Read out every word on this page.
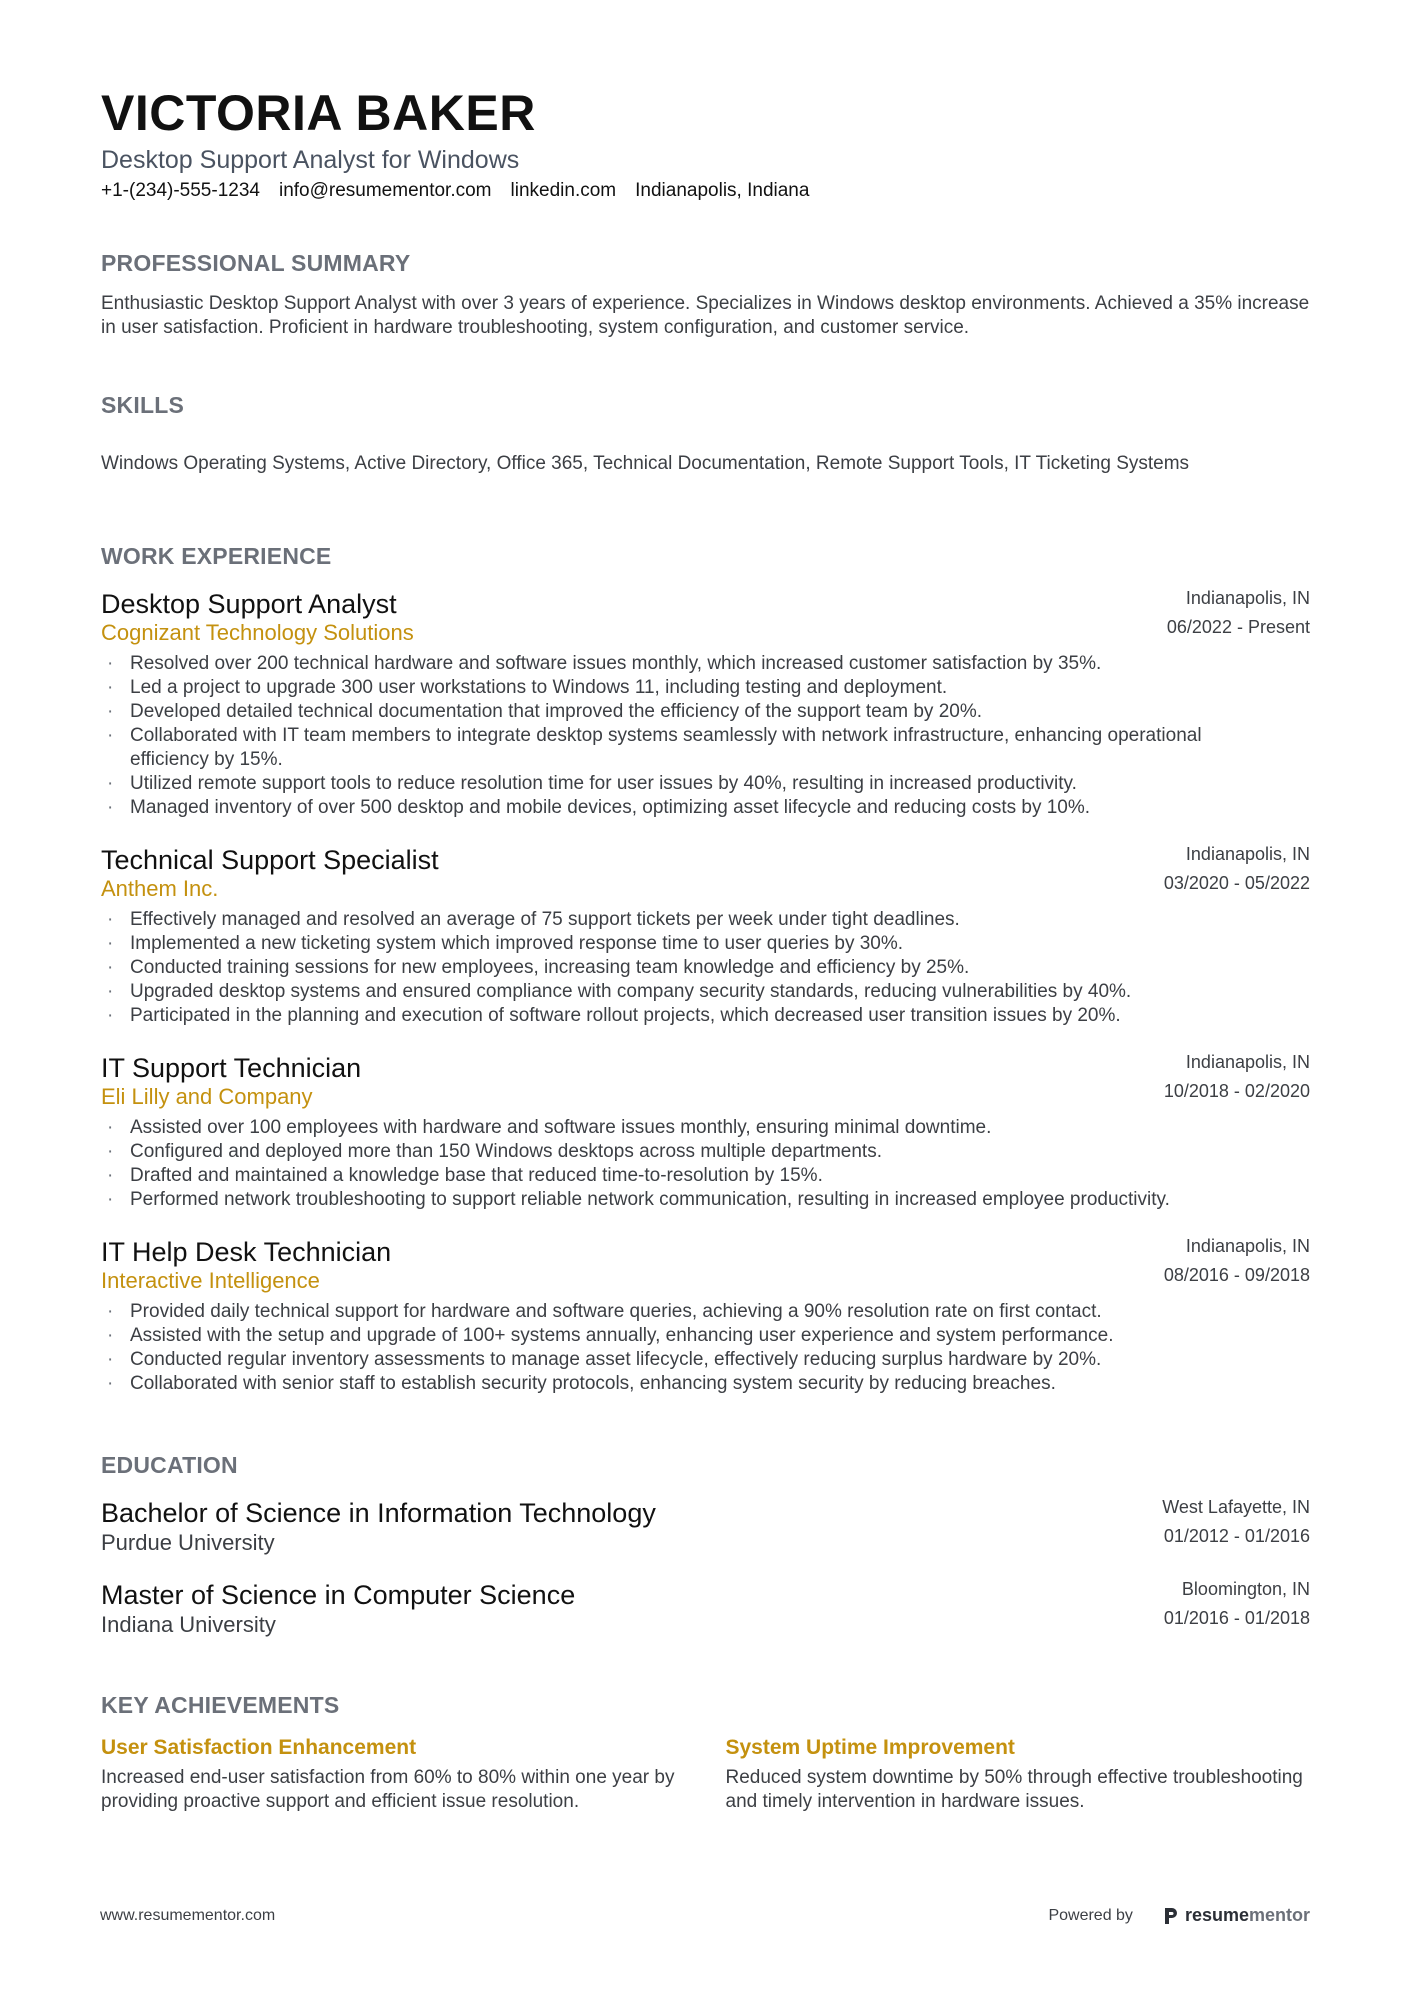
VICTORIA BAKER
Desktop Support Analyst for Windows
+1-(234)-555-1234 info@resumementor.com linkedin.com Indianapolis, Indiana
PROFESSIONAL SUMMARY
Enthusiastic Desktop Support Analyst with over 3 years of experience. Specializes in Windows desktop environments. Achieved a 35% increase in user satisfaction. Proficient in hardware troubleshooting, system configuration, and customer service.
SKILLS
Windows Operating Systems, Active Directory, Office 365, Technical Documentation, Remote Support Tools, IT Ticketing Systems
WORK EXPERIENCE
Desktop Support Analyst
Cognizant Technology Solutions
Indianapolis, IN
06/2022 - Present
· Resolved over 200 technical hardware and software issues monthly, which increased customer satisfaction by 35%.
· Led a project to upgrade 300 user workstations to Windows 11, including testing and deployment.
· Developed detailed technical documentation that improved the efficiency of the support team by 20%.
· Collaborated with IT team members to integrate desktop systems seamlessly with network infrastructure, enhancing operational efficiency by 15%.
· Utilized remote support tools to reduce resolution time for user issues by 40%, resulting in increased productivity.
· Managed inventory of over 500 desktop and mobile devices, optimizing asset lifecycle and reducing costs by 10%.
Technical Support Specialist
Anthem Inc.
Indianapolis, IN
03/2020 - 05/2022
· Effectively managed and resolved an average of 75 support tickets per week under tight deadlines.
· Implemented a new ticketing system which improved response time to user queries by 30%.
· Conducted training sessions for new employees, increasing team knowledge and efficiency by 25%.
· Upgraded desktop systems and ensured compliance with company security standards, reducing vulnerabilities by 40%.
· Participated in the planning and execution of software rollout projects, which decreased user transition issues by 20%.
IT Support Technician
Eli Lilly and Company
Indianapolis, IN
10/2018 - 02/2020
· Assisted over 100 employees with hardware and software issues monthly, ensuring minimal downtime.
· Configured and deployed more than 150 Windows desktops across multiple departments.
· Drafted and maintained a knowledge base that reduced time-to-resolution by 15%.
· Performed network troubleshooting to support reliable network communication, resulting in increased employee productivity.
IT Help Desk Technician
Interactive Intelligence
Indianapolis, IN
08/2016 - 09/2018
· Provided daily technical support for hardware and software queries, achieving a 90% resolution rate on first contact.
· Assisted with the setup and upgrade of 100+ systems annually, enhancing user experience and system performance.
· Conducted regular inventory assessments to manage asset lifecycle, effectively reducing surplus hardware by 20%.
· Collaborated with senior staff to establish security protocols, enhancing system security by reducing breaches.
EDUCATION
Bachelor of Science in Information Technology
Purdue University
West Lafayette, IN
01/2012 - 01/2016
Master of Science in Computer Science
Indiana University
Bloomington, IN
01/2016 - 01/2018
KEY ACHIEVEMENTS
User Satisfaction Enhancement
Increased end-user satisfaction from 60% to 80% within one year by providing proactive support and efficient issue resolution.
System Uptime Improvement
Reduced system downtime by 50% through effective troubleshooting and timely intervention in hardware issues.
www.resumementor.com	Powered by	resumementor
